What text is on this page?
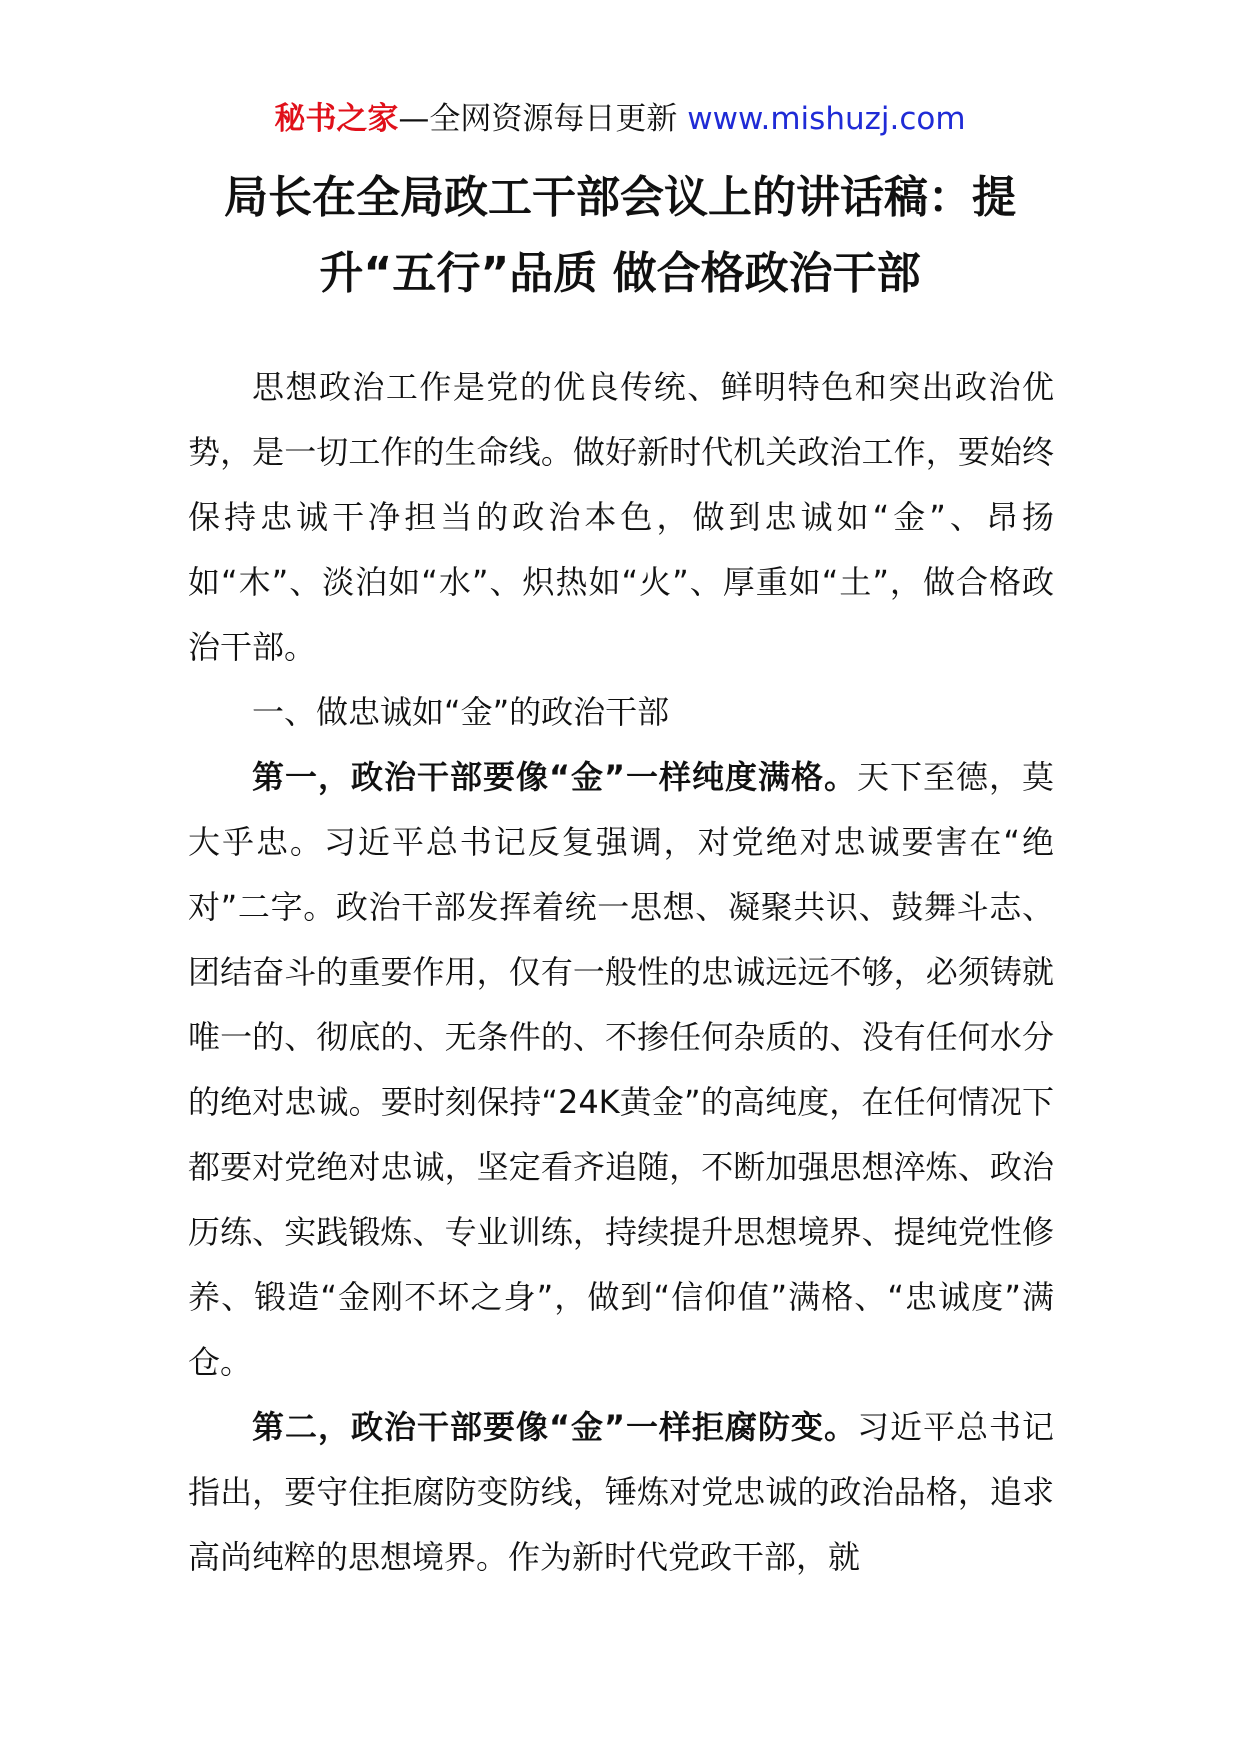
秘书之家—全网资源每日更新 www.mishuzj.com
局长在全局政工干部会议上的讲话稿：提升“五行”品质 做合格政治干部

思想政治工作是党的优良传统、鲜明特色和突出政治优势，是一切工作的生命线。做好新时代机关政治工作，要始终保持忠诚干净担当的政治本色，做到忠诚如“金”、昂扬如“木”、淡泊如“水”、炽热如“火”、厚重如“土”，做合格政治干部。

一、做忠诚如“金”的政治干部

第一，政治干部要像“金”一样纯度满格。天下至德，莫大乎忠。习近平总书记反复强调，对党绝对忠诚要害在“绝对”二字。政治干部发挥着统一思想、凝聚共识、鼓舞斗志、团结奋斗的重要作用，仅有一般性的忠诚远远不够，必须铸就唯一的、彻底的、无条件的、不掺任何杂质的、没有任何水分的绝对忠诚。要时刻保持“24K黄金”的高纯度，在任何情况下都要对党绝对忠诚，坚定看齐追随，不断加强思想淬炼、政治历练、实践锻炼、专业训练，持续提升思想境界、提纯党性修养、锻造“金刚不坏之身”，做到“信仰值”满格、“忠诚度”满仓。

第二，政治干部要像“金”一样拒腐防变。习近平总书记指出，要守住拒腐防变防线，锤炼对党忠诚的政治品格，追求高尚纯粹的思想境界。作为新时代党政干部，就
